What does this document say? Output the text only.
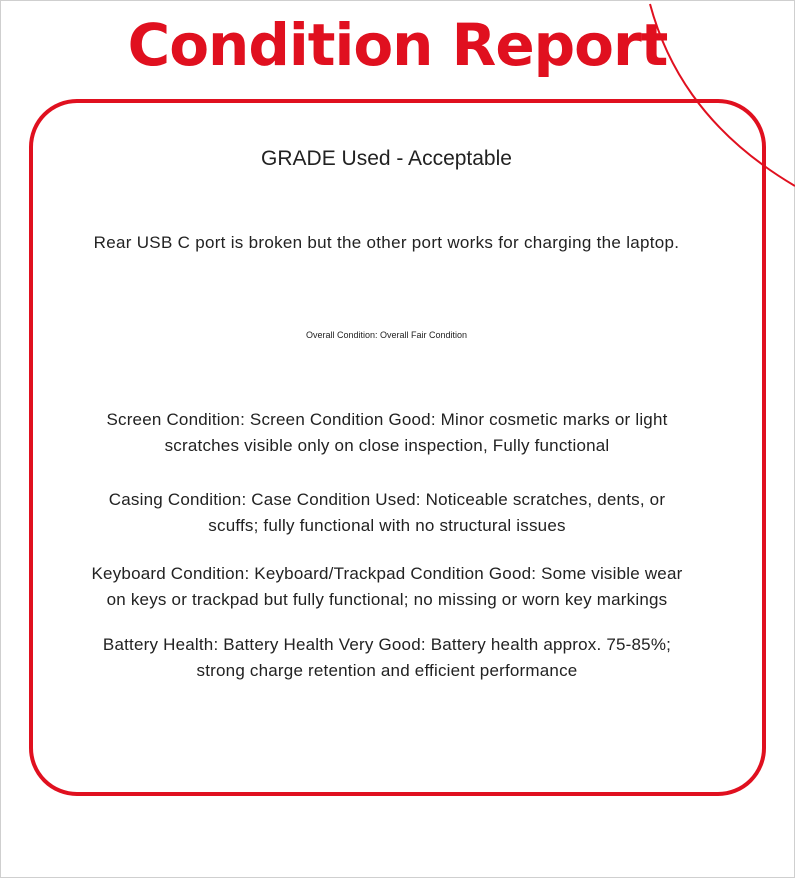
Condition Report
GRADE Used - Acceptable
Rear USB C port is broken but the other port works for charging the laptop.
Overall Condition: Overall Fair Condition
Screen Condition: Screen Condition Good: Minor cosmetic marks or light
scratches visible only on close inspection, Fully functional
Casing Condition: Case Condition Used: Noticeable scratches, dents, or
scuffs; fully functional with no structural issues
Keyboard Condition: Keyboard/Trackpad Condition Good: Some visible wear
on keys or trackpad but fully functional; no missing or worn key markings
Battery Health: Battery Health Very Good: Battery health approx. 75-85%;
strong charge retention and efficient performance
